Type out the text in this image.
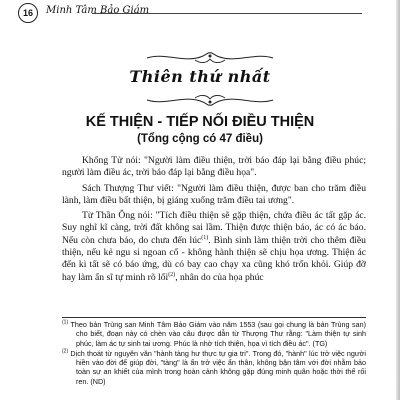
16	Minh Tâm Bảo Giám
Thiên thứ nhất
KẾ THIỆN - TIẾP NỐI ĐIỀU THIỆN
(Tổng cộng có 47 điều)

Khổng Tử nói: "Người làm điều thiện, trời báo đáp lại bằng điều phúc; người làm điều ác, trời báo đáp lại bằng điều họa".

Sách Thượng Thư viết: "Người làm điều thiện, được ban cho trăm điều lành, làm điều bất thiện, bị giáng xuống trăm điều tai ương".

Từ Thần Ông nói: "Tích điều thiện sẽ gặp thiện, chứa điều ác tất gặp ác. Suy nghĩ kĩ càng, trời đất không sai lầm. Thiện được thiện báo, ác có ác báo. Nếu còn chưa báo, do chưa đến lúc$^{(1)}$. Bình sinh làm thiện trời cho thêm điều thiện, nếu kẻ ngu si ngoan cố - không hành thiện sẽ chịu họa ương. Thiện ác đến kì tất sẽ có báo ứng, dù có bay cao chạy xa cũng khó trốn khỏi. Giúp đỡ hay làm ẩn sĩ tự minh rõ lối$^{(2)}$, nhân do của họa phúc

$^{(1)}$ Theo bản Trùng san Minh Tâm Bảo Giám vào năm 1553 (sau gọi chung là bản Trùng san) cho biết, đoạn này có chèn vào câu được dẫn từ Thượng Thư rằng: "Làm thiện tự sinh phúc, làm ác tự sinh tai ương. Phúc là nhờ tích thiện, họa vì tích điều ác". (TG)

$^{(2)}$ Dịch thoát từ nguyên văn "hành tàng hư thực tự gia tri". Trong đó, "hành" lúc trở việc người hiền vào đời để giúp đời, "tàng" là ẩn trở việc ẩn thân, không bận tâm với đời nhằm bảo toàn sự an khiết của mình trong hoàn cảnh không gặp đúng minh quân hoặc thời thế rối ren. (ND)
